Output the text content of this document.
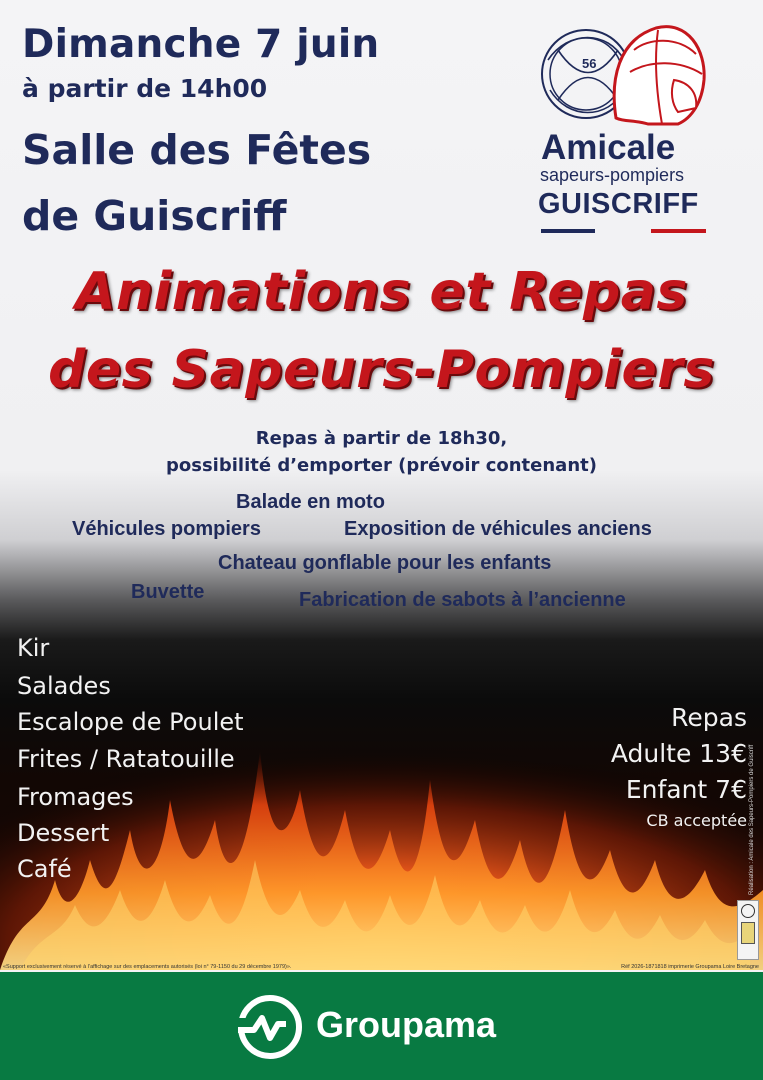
Dimanche 7 juin
à partir de 14h00
Salle des Fêtes
de Guiscriff
56
Amicale
sapeurs-pompiers
GUISCRIFF
Animations et Repas
des Sapeurs-Pompiers
Repas à partir de 18h30,
possibilité d’emporter (prévoir contenant)
Balade en moto
Véhicules pompiers	Exposition de véhicules anciens
Chateau gonflable pour les enfants
Buvette	Fabrication de sabots à l’ancienne
Kir
Salades
Escalope de Poulet
Frites / Ratatouille
Fromages
Dessert
Café
Repas
Adulte 13€
Enfant 7€
CB acceptée Réalisation : Amicale des Sapeurs-Pompiers de Guiscriff
«Support exclusivement réservé à l’affichage sur des emplacements autorisés (loi n° 79-1150 du 29 décembre 1979)».	Réf 2026-1871818 imprimerie Groupama Loire Bretagne
Groupama
